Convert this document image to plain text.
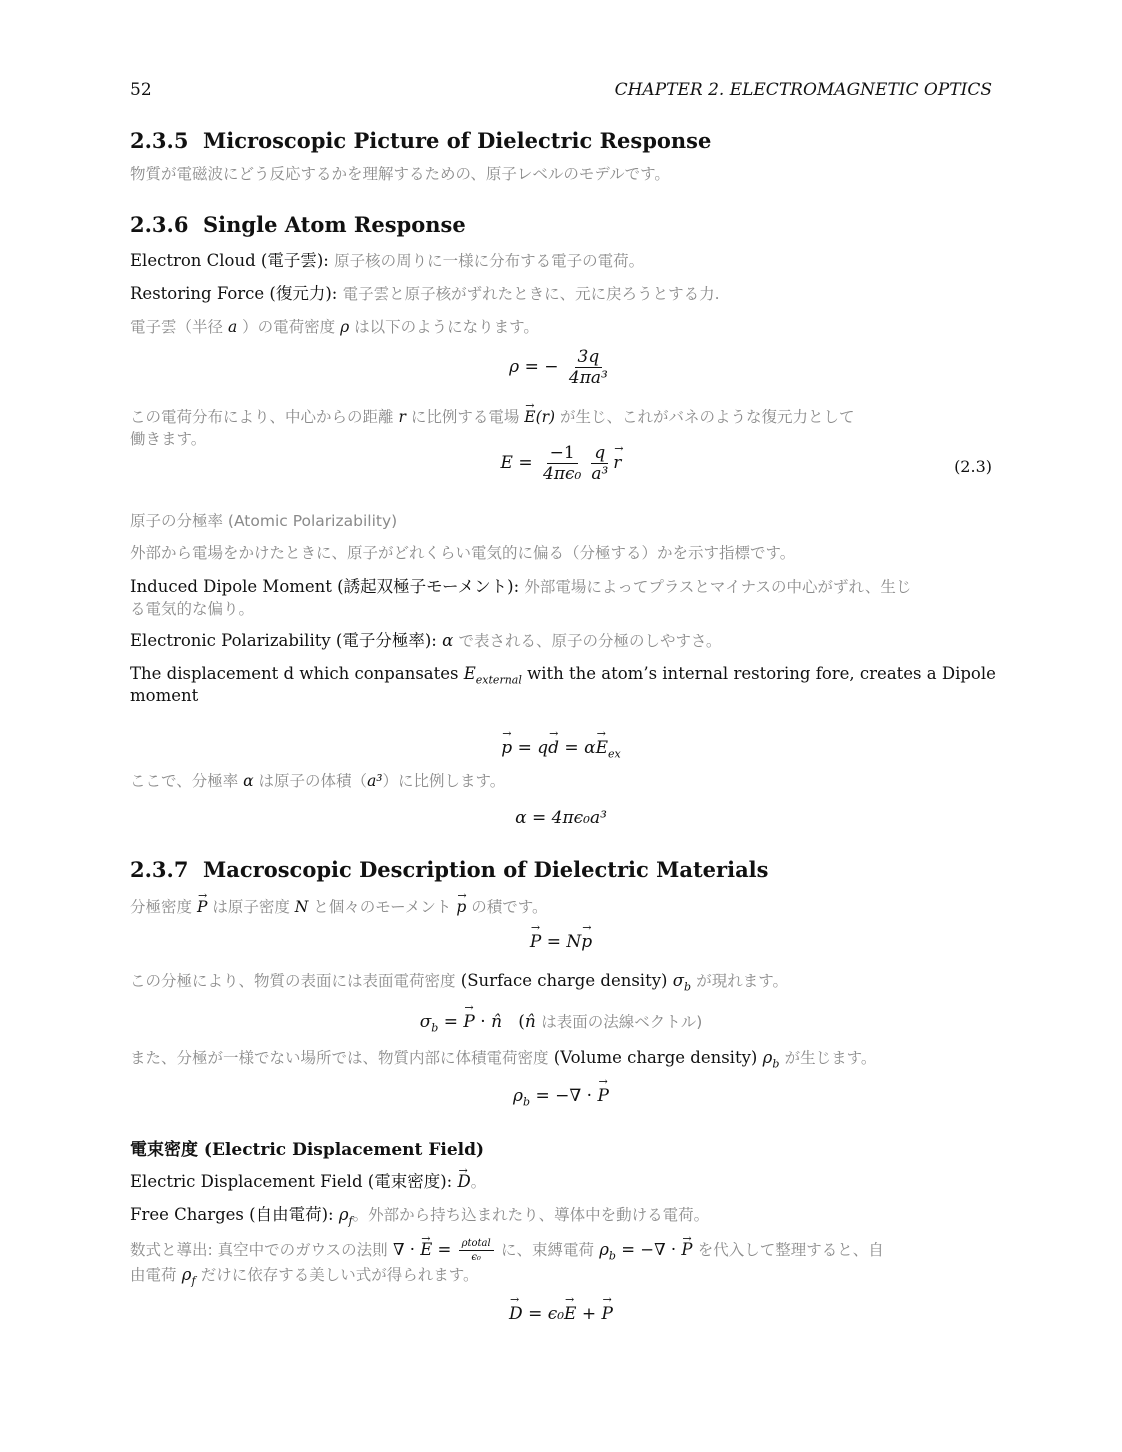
52	CHAPTER 2. ELECTROMAGNETIC OPTICS
2.3.5 Microscopic Picture of Dielectric Response
物質が電磁波にどう反応するかを理解するための、原子レベルのモデルです。
2.3.6 Single Atom Response
Electron Cloud (電子雲): 原子核の周りに一様に分布する電子の電荷。
Restoring Force (復元力): 電子雲と原子核がずれたときに、元に戻ろうとする力.
電子雲（半径 a ）の電荷密度 ρ は以下のようになります。
ρ = − $\frac{3q}{\text{4πa³}}$
この電荷分布により、中心からの距離 r に比例する電場 → E(r) が生じ、これがバネのような復元力として
働きます。
$E = \frac{-1}{\text{4πϵ₀}} \frac{q}{\text{a³}}$
→ r	(2.3)
原子の分極率 (Atomic Polarizability)
外部から電場をかけたときに、原子がどれくらい電気的に偏る（分極する）かを示す指標です。
Induced Dipole Moment (誘起双極子モーメント): 外部電場によってプラスとマイナスの中心がずれ、生じ
る電気的な偏り。
Electronic Polarizability (電子分極率): α で表される、原子の分極のしやすさ。
The displacement d which conpansates $E_{external}$ with the atom’s internal restoring fore, creates a Dipole
moment
→ $p = q\to d = \alpha\to E_{ex}$
ここで、分極率 α は原子の体積（a³）に比例します。
α = 4πϵ₀a³
2.3.7 Macroscopic Description of Dielectric Materials
分極密度 → P は原子密度 N と個々のモーメント → p の積です。
→ P = N→ p
この分極により、物質の表面には表面電荷密度 (Surface charge density) $\sigma_b$ が現れます。
$\sigma_b$ = → P · n̂ (n̂ は表面の法線ベクトル)
また、分極が一様でない場所では、物質内部に体積電荷密度 (Volume charge density) $\rho_b$ が生じます。
$\rho_b$ = −∇ · → P
電束密度 (Electric Displacement Field)
Electric Displacement Field (電束密度): → D。
Free Charges (自由電荷): $\rho_f$。外部から持ち込まれたり、導体中を動ける電荷。
数式と導出: 真空中でのガウスの法則 ∇ · → $E = \frac{\text{ρtotal}}{\text{ϵ₀}}$ に、束縛電荷 $\rho_b$ = −∇ · → P を代入して整理すると、自
由電荷 $\rho_f$ だけに依存する美しい式が得られます。
→ D = ϵ₀→ E + → P
